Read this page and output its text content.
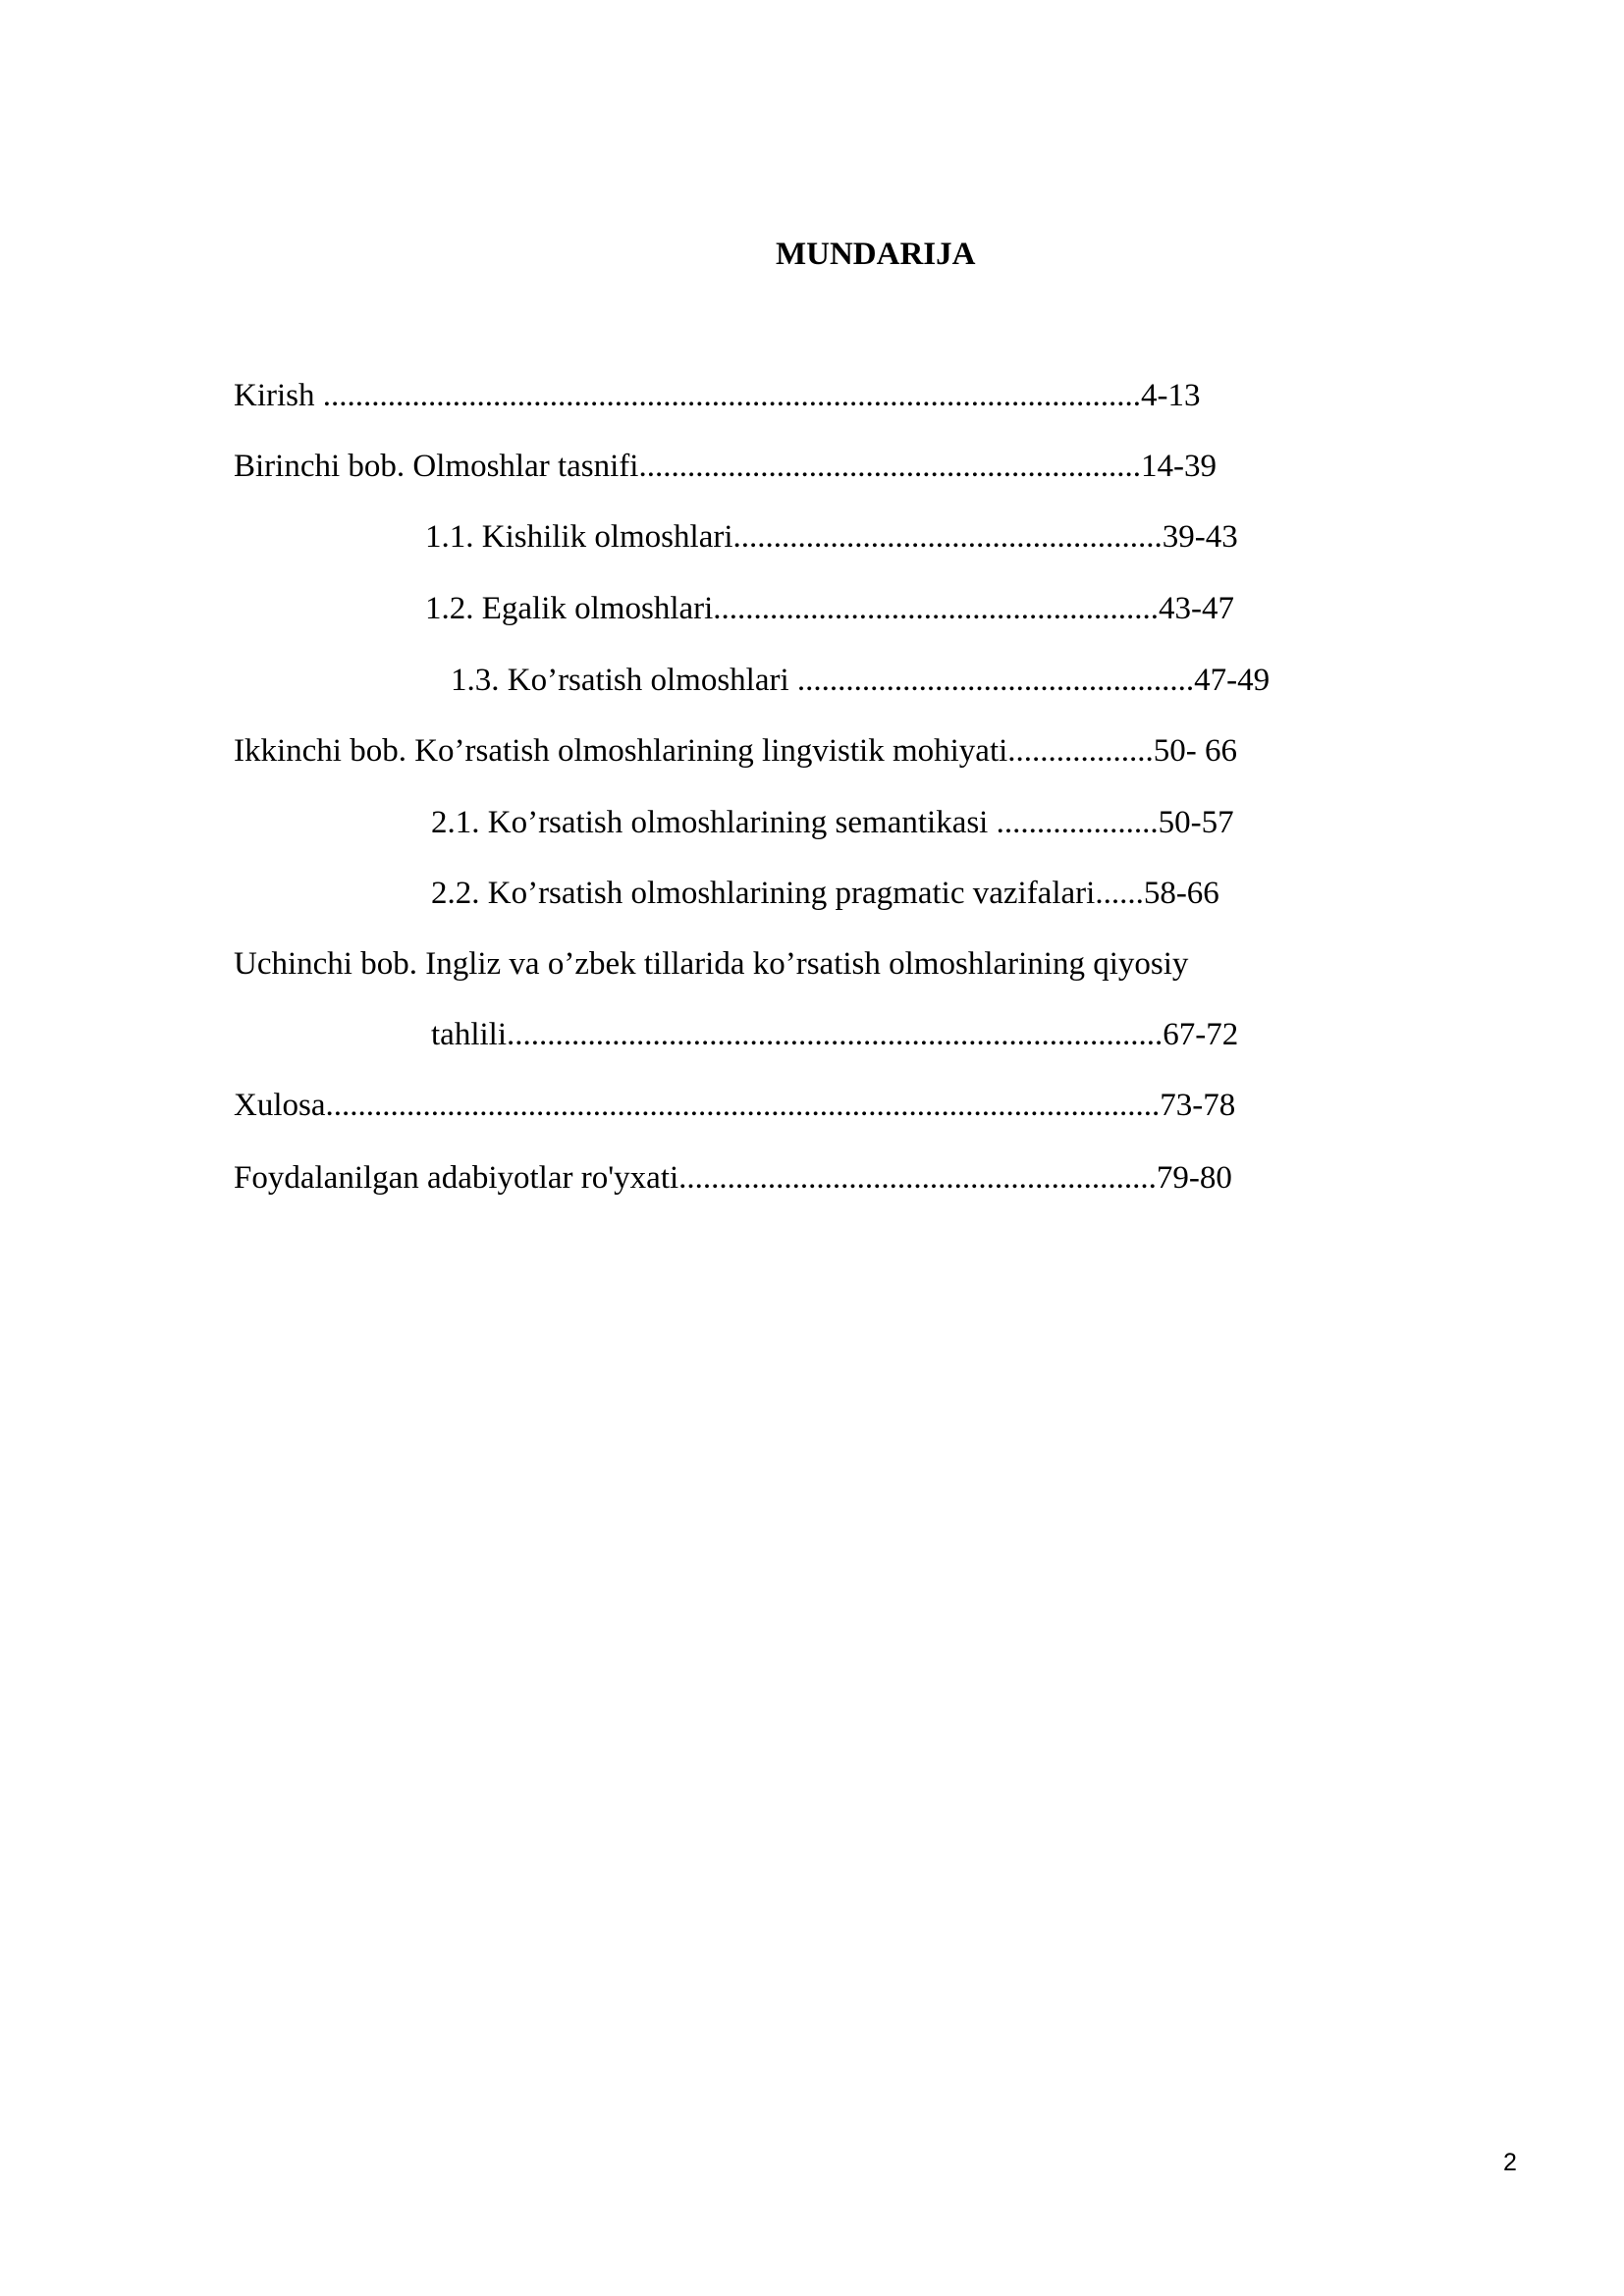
MUNDARIJA
Kirish .....................................................................................................4-13
Birinchi bob. Olmoshlar tasnifi..............................................................14-39
1.1. Kishilik olmoshlari.....................................................39-43
1.2. Egalik olmoshlari.......................................................43-47
1.3. Ko’rsatish olmoshlari .................................................47-49
Ikkinchi bob. Ko’rsatish olmoshlarining lingvistik mohiyati..................50- 66
2.1. Ko’rsatish olmoshlarining semantikasi ....................50-57
2.2. Ko’rsatish olmoshlarining pragmatic vazifalari......58-66
Uchinchi bob. Ingliz va o’zbek tillarida ko’rsatish olmoshlarining qiyosiy
tahlili.................................................................................67-72
Xulosa.......................................................................................................73-78
Foydalanilgan adabiyotlar ro'yxati...........................................................79-80
2
